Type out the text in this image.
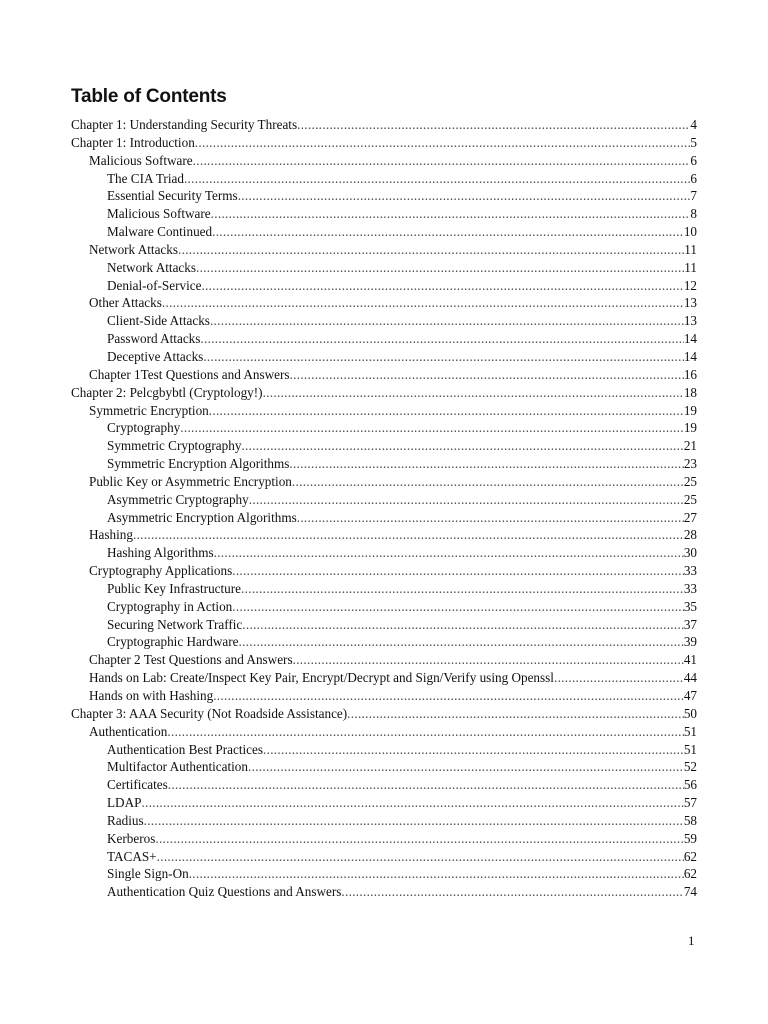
Table of Contents
Chapter 1: Understanding Security Threats .....	4
Chapter 1: Introduction .....	5
Malicious Software .....	6
The CIA Triad .....	6
Essential Security Terms .....	7
Malicious Software .....	8
Malware Continued .....	10
Network Attacks .....	11
Network Attacks .....	11
Denial-of-Service .....	12
Other Attacks .....	13
Client-Side Attacks .....	13
Password Attacks .....	14
Deceptive Attacks .....	14
Chapter 1Test Questions and Answers .....	16
Chapter 2: Pelcgbybtl (Cryptology!) .....	18
Symmetric Encryption .....	19
Cryptography .....	19
Symmetric Cryptography .....	21
Symmetric Encryption Algorithms .....	23
Public Key or Asymmetric Encryption .....	25
Asymmetric Cryptography .....	25
Asymmetric Encryption Algorithms .....	27
Hashing .....	28
Hashing Algorithms .....	30
Cryptography Applications .....	33
Public Key Infrastructure .....	33
Cryptography in Action .....	35
Securing Network Traffic .....	37
Cryptographic Hardware .....	39
Chapter 2 Test Questions and Answers .....	41
Hands on Lab: Create/Inspect Key Pair, Encrypt/Decrypt and Sign/Verify using Openssl .....	44
Hands on with Hashing .....	47
Chapter 3: AAA Security (Not Roadside Assistance) .....	50
Authentication .....	51
Authentication Best Practices .....	51
Multifactor Authentication .....	52
Certificates .....	56
LDAP .....	57
Radius .....	58
Kerberos .....	59
TACAS+ .....	62
Single Sign-On .....	62
Authentication Quiz Questions and Answers .....	74
1
